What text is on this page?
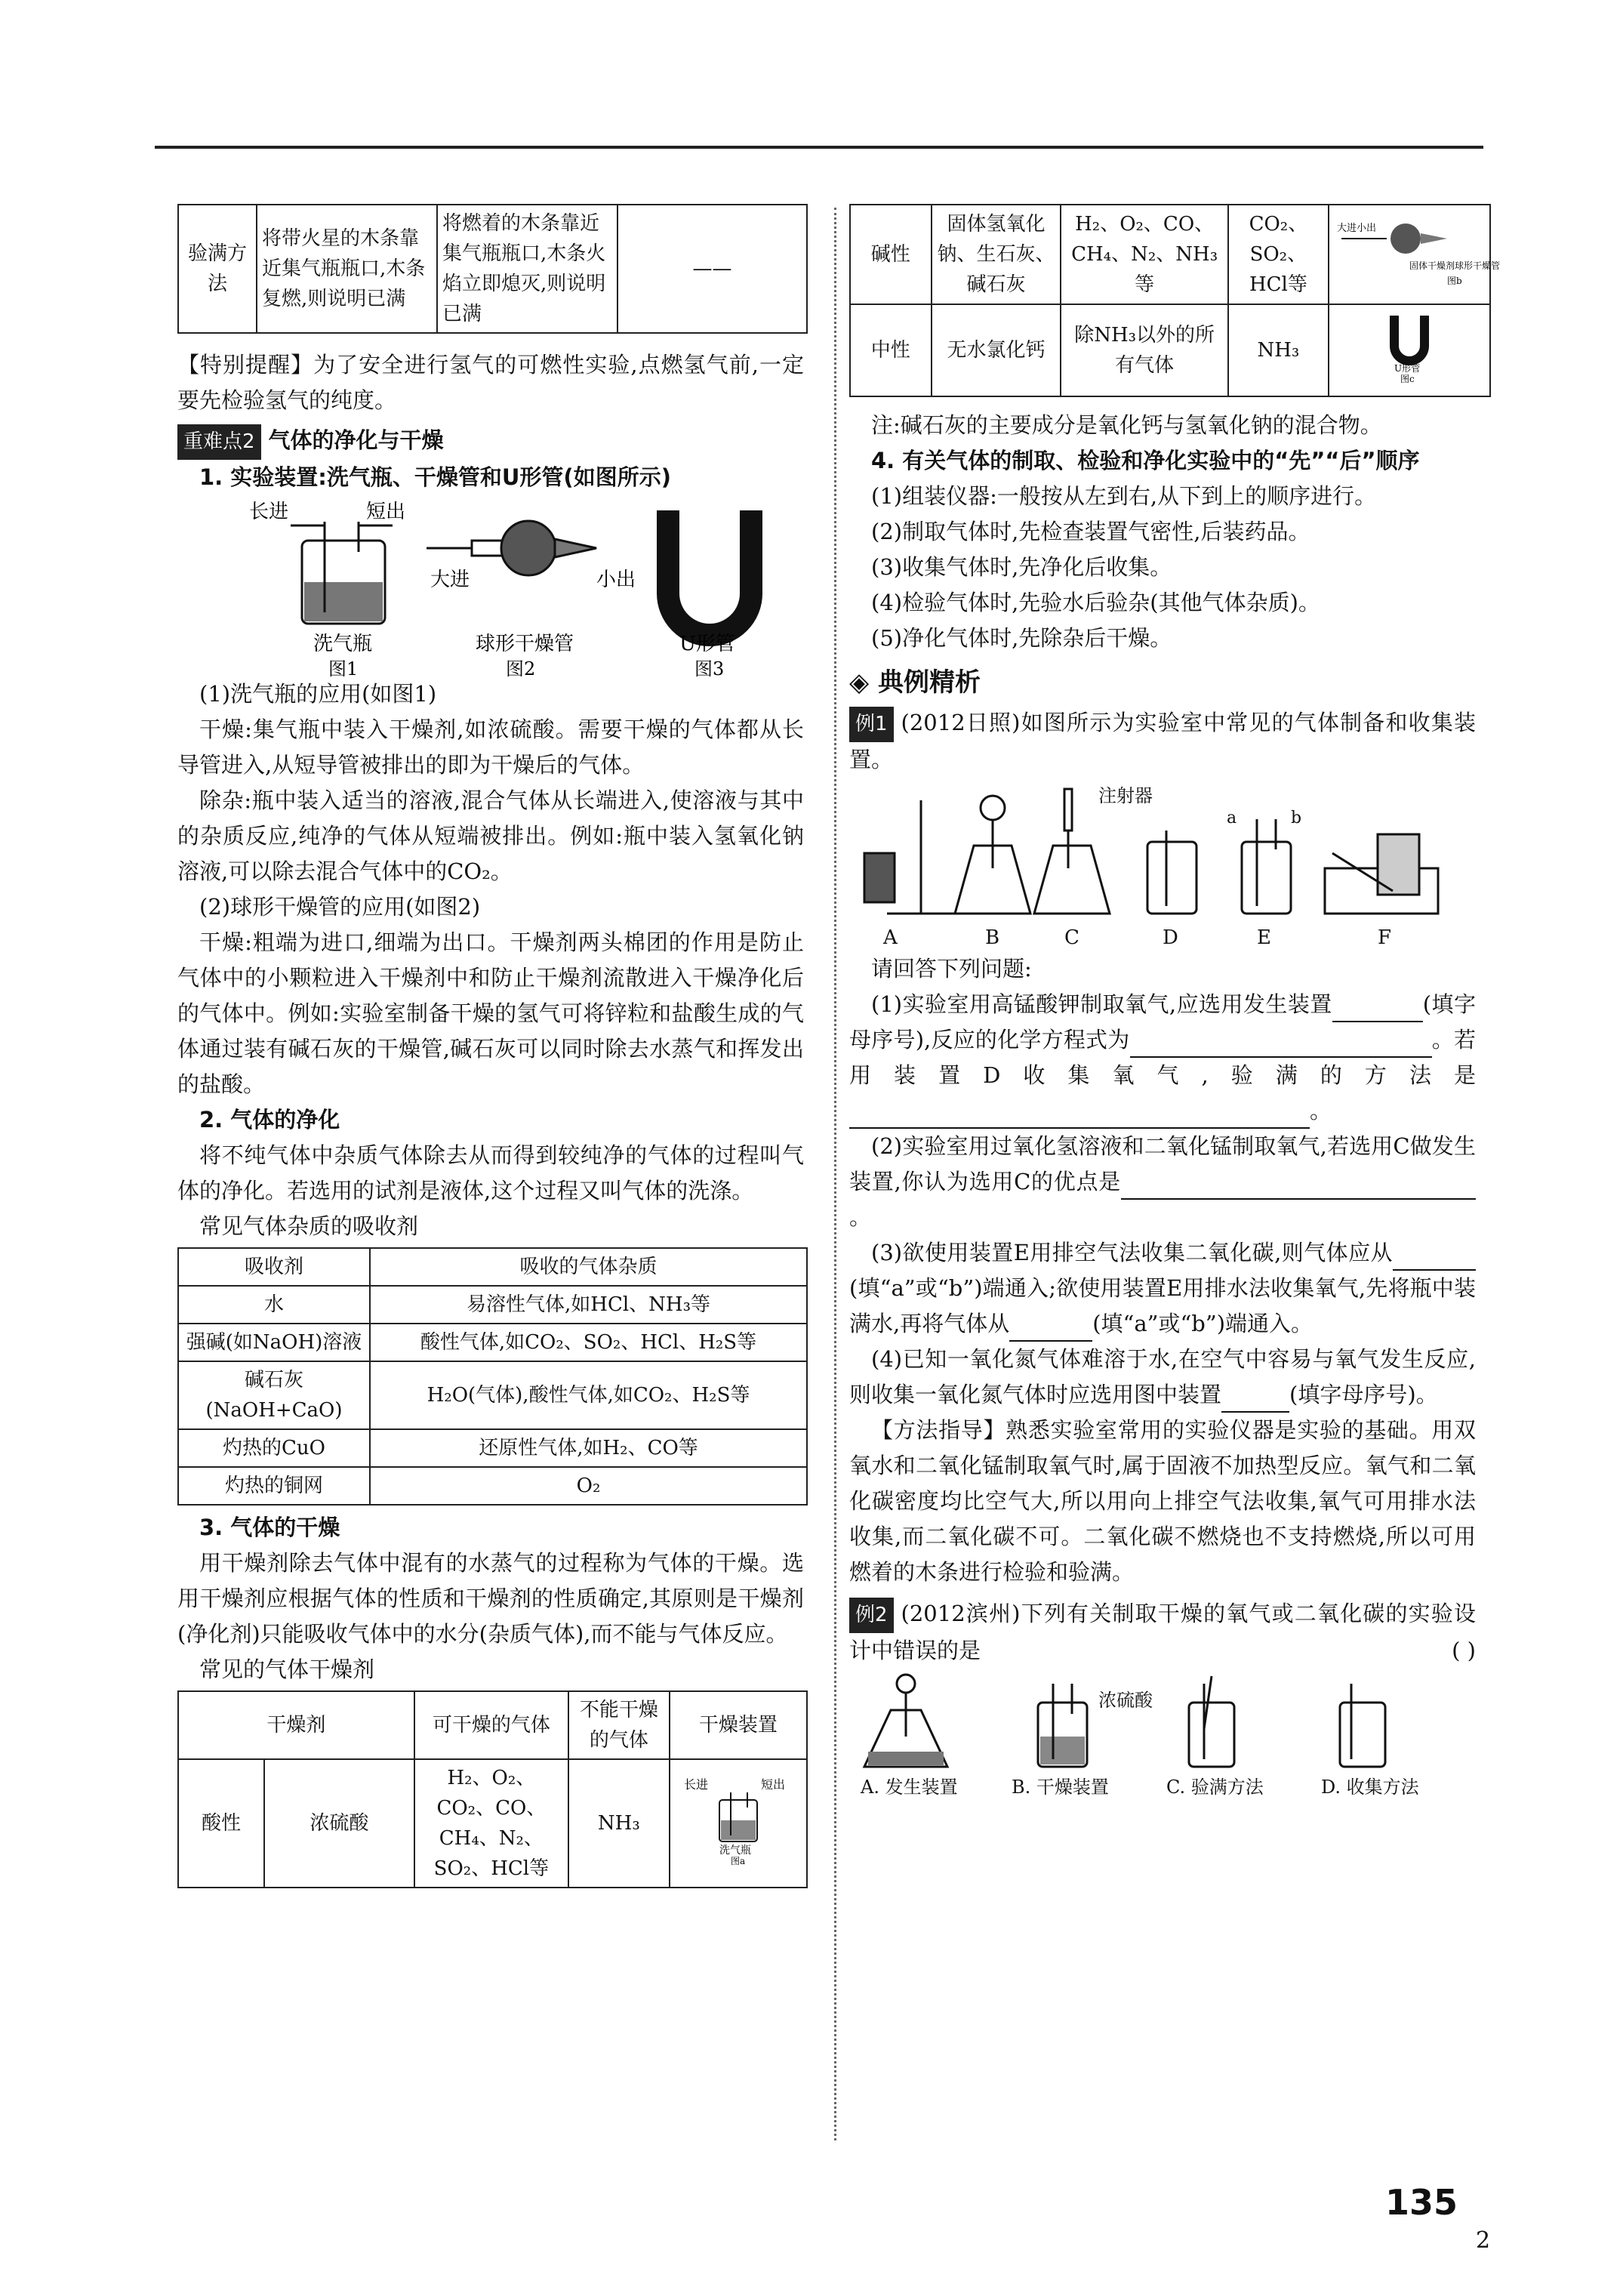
验满方法	将带火星的木条靠近集气瓶瓶口,木条复燃,则说明已满	将燃着的木条靠近集气瓶瓶口,木条火焰立即熄灭,则说明已满	——

【特别提醒】为了安全进行氢气的可燃性实验,点燃氢气前,一定要先检验氢气的纯度。

重难点2 气体的净化与干燥

1. 实验装置:洗气瓶、干燥管和U形管(如图所示)

长进	短出
大进	小出
洗气瓶	球形干燥管	U形管
图1	图2	图3

(1)洗气瓶的应用(如图1)

干燥:集气瓶中装入干燥剂,如浓硫酸。需要干燥的气体都从长导管进入,从短导管被排出的即为干燥后的气体。

除杂:瓶中装入适当的溶液,混合气体从长端进入,使溶液与其中的杂质反应,纯净的气体从短端被排出。例如:瓶中装入氢氧化钠溶液,可以除去混合气体中的CO₂。

(2)球形干燥管的应用(如图2)

干燥:粗端为进口,细端为出口。干燥剂两头棉团的作用是防止气体中的小颗粒进入干燥剂中和防止干燥剂流散进入干燥净化后的气体中。例如:实验室制备干燥的氢气可将锌粒和盐酸生成的气体通过装有碱石灰的干燥管,碱石灰可以同时除去水蒸气和挥发出的盐酸。

2. 气体的净化

将不纯气体中杂质气体除去从而得到较纯净的气体的过程叫气体的净化。若选用的试剂是液体,这个过程又叫气体的洗涤。

常见气体杂质的吸收剂

吸收剂	吸收的气体杂质
水	易溶性气体,如HCl、NH₃等
强碱(如NaOH)溶液	酸性气体,如CO₂、SO₂、HCl、H₂S等
碱石灰(NaOH+CaO)	H₂O(气体),酸性气体,如CO₂、H₂S等
灼热的CuO	还原性气体,如H₂、CO等
灼热的铜网	O₂

3. 气体的干燥

用干燥剂除去气体中混有的水蒸气的过程称为气体的干燥。选用干燥剂应根据气体的性质和干燥剂的性质确定,其原则是干燥剂(净化剂)只能吸收气体中的水分(杂质气体),而不能与气体反应。

常见的气体干燥剂

干燥剂		可干燥的气体	不能干燥的气体	干燥装置
酸性	浓硫酸	H₂、O₂、CO₂、CO、CH₄、N₂、SO₂、HCl等	NH₃	长进 短出
洗气瓶
图a
碱性	固体氢氧化钠、生石灰、碱石灰	H₂、O₂、CO、CH₄、N₂、NH₃等	CO₂、SO₂、HCl等	大进小出
固体干燥剂球形干燥管
图b

中性	无水氯化钙	除NH₃以外的所有气体	NH₃	U形管
图c

注:碱石灰的主要成分是氧化钙与氢氧化钠的混合物。

4. 有关气体的制取、检验和净化实验中的“先”“后”顺序

(1)组装仪器:一般按从左到右,从下到上的顺序进行。

(2)制取气体时,先检查装置气密性,后装药品。

(3)收集气体时,先净化后收集。

(4)检验气体时,先验水后验杂(其他气体杂质)。

(5)净化气体时,先除杂后干燥。

◈ 典例精析

例1 (2012日照)如图所示为实验室中常见的气体制备和收集装置。

注射器
a	b
A	B	C	D	E	F

请回答下列问题:

(1)实验室用高锰酸钾制取氧气,应选用发生装置	(填字母序号),反应的化学方程式为	。若用装置D收集氧气,验满的方法是。

(2)实验室用过氧化氢溶液和二氧化锰制取氧气,若选用C做发生装置,你认为选用C的优点是。

(3)欲使用装置E用排空气法收集二氧化碳,则气体应从(填“a”或“b”)端通入;欲使用装置E用排水法收集氧气,先将瓶中装满水,再将气体从	(填“a”或“b”)端通入。

(4)已知一氧化氮气体难溶于水,在空气中容易与氧气发生反应,则收集一氧化氮气体时应选用图中装置	(填字母序号)。

【方法指导】熟悉实验室常用的实验仪器是实验的基础。用双氧水和二氧化锰制取氧气时,属于固液不加热型反应。氧气和二氧化碳密度均比空气大,所以用向上排空气法收集,氧气可用排水法收集,而二氧化碳不可。二氧化碳不燃烧也不支持燃烧,所以可用燃着的木条进行检验和验满。

例2 (2012滨州)下列有关制取干燥的氧气或二氧化碳的实验设计中错误的是	( )

浓硫酸
A. 发生装置	B. 干燥装置	C. 验满方法	D. 收集方法
135
2
